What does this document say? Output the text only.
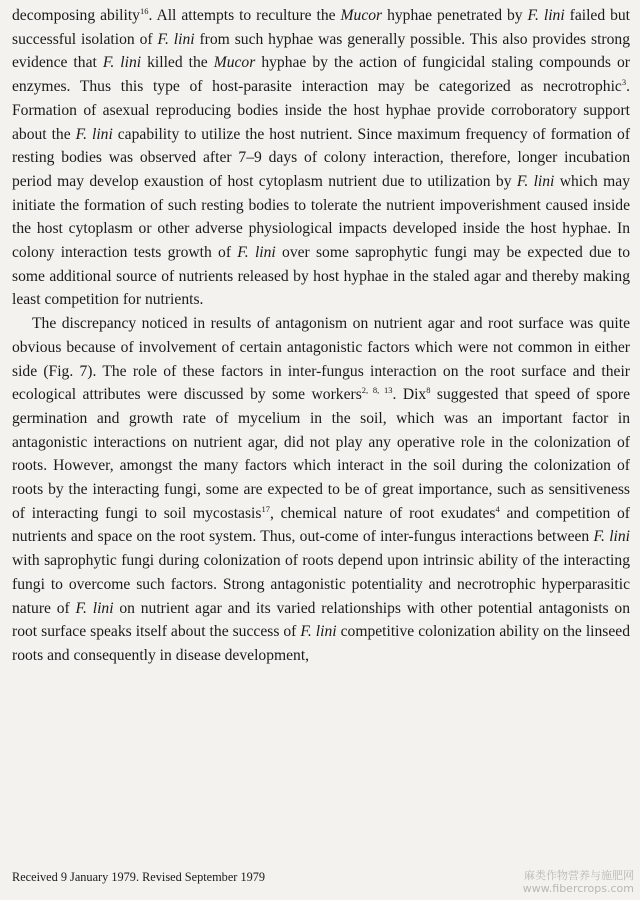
decomposing ability$^{16}$. All attempts to reculture the Mucor hyphae penetrated by F. lini failed but successful isolation of F. lini from such hyphae was generally possible. This also provides strong evidence that F. lini killed the Mucor hyphae by the action of fungicidal staling compounds or enzymes. Thus this type of host-parasite interaction may be categorized as necrotrophic$^3$. Formation of asexual reproducing bodies inside the host hyphae provide corroboratory support about the F. lini capability to utilize the host nutrient. Since maximum frequency of formation of resting bodies was observed after 7–9 days of colony interaction, therefore, longer incubation period may develop exaustion of host cytoplasm nutrient due to utilization by F. lini which may initiate the formation of such resting bodies to tolerate the nutrient impoverishment caused inside the host cytoplasm or other adverse physiological impacts developed inside the host hyphae. In colony interaction tests growth of F. lini over some saprophytic fungi may be expected due to some additional source of nutrients released by host hyphae in the staled agar and thereby making least competition for nutrients.

The discrepancy noticed in results of antagonism on nutrient agar and root surface was quite obvious because of involvement of certain antagonistic factors which were not common in either side (Fig. 7). The role of these factors in inter-fungus interaction on the root surface and their ecological attributes were discussed by some workers$^{2, 8, 13}$. Dix$^8$ suggested that speed of spore germination and growth rate of mycelium in the soil, which was an important factor in antagonistic interactions on nutrient agar, did not play any operative role in the colonization of roots. However, amongst the many factors which interact in the soil during the colonization of roots by the interacting fungi, some are expected to be of great importance, such as sensitiveness of interacting fungi to soil mycostasis$^{17}$, chemical nature of root exudates$^4$ and competition of nutrients and space on the root system. Thus, out-come of inter-fungus interactions between F. lini with saprophytic fungi during colonization of roots depend upon intrinsic ability of the interacting fungi to overcome such factors. Strong antagonistic potentiality and necrotrophic hyperparasitic nature of F. lini on nutrient agar and its varied relationships with other potential antagonists on root surface speaks itself about the success of F. lini competitive colonization ability on the linseed roots and consequently in disease development,

Received 9 January 1979. Revised September 1979	麻类作物营养与施肥网
www.fibercrops.com
